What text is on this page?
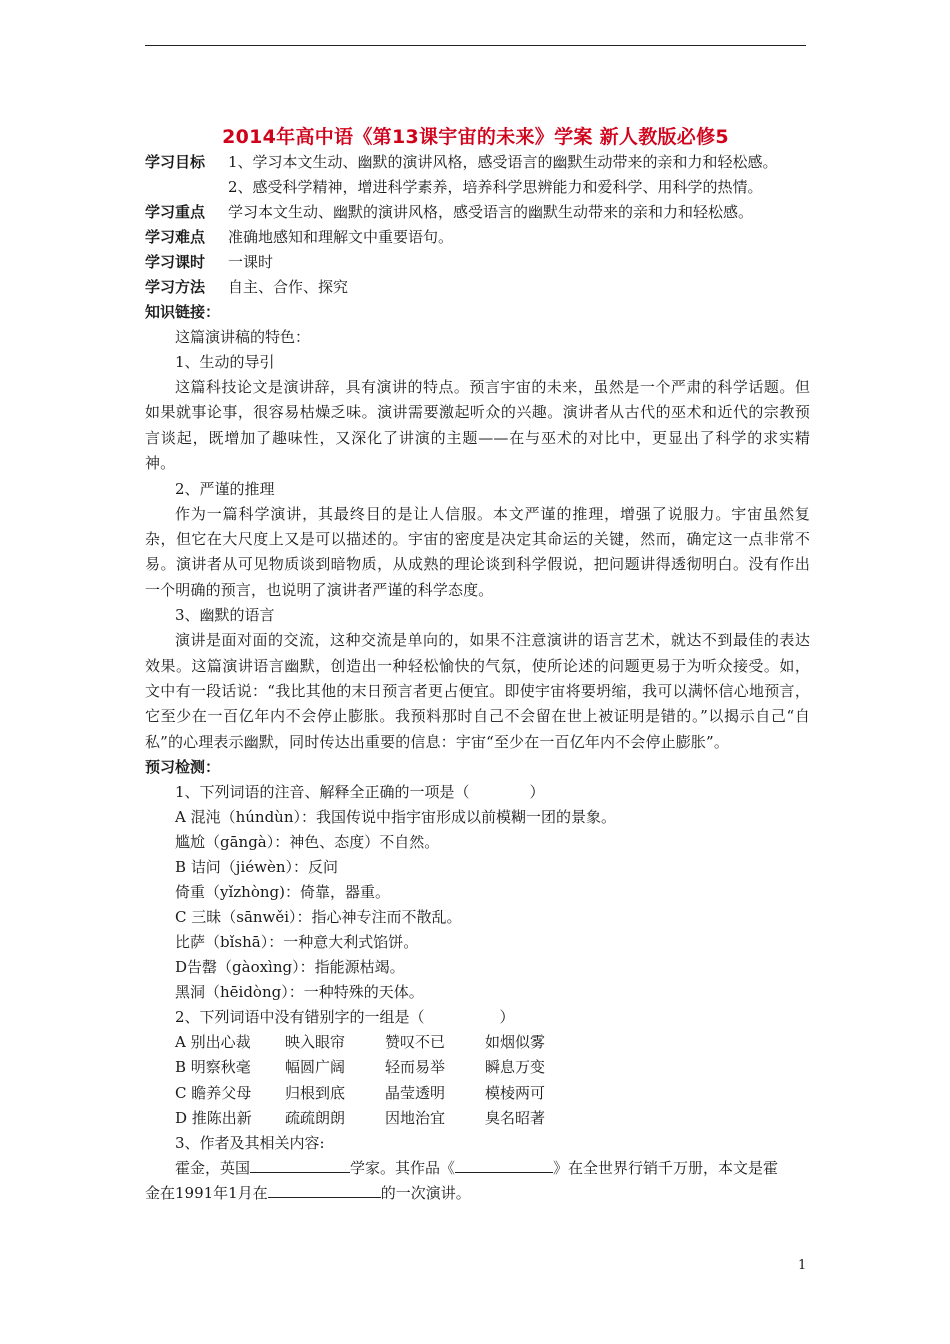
2014年高中语《第13课宇宙的未来》学案 新人教版必修5
学习目标	1、学习本文生动、幽默的演讲风格，感受语言的幽默生动带来的亲和力和轻松感。
2、感受科学精神，增进科学素养，培养科学思辨能力和爱科学、用科学的热情。
学习重点	学习本文生动、幽默的演讲风格，感受语言的幽默生动带来的亲和力和轻松感。
学习难点	准确地感知和理解文中重要语句。
学习课时	一课时
学习方法	自主、合作、探究
知识链接：
这篇演讲稿的特色：
1、生动的导引
这篇科技论文是演讲辞，具有演讲的特点。预言宇宙的未来，虽然是一个严肃的科学话题。但如果就事论事，很容易枯燥乏味。演讲需要激起听众的兴趣。演讲者从古代的巫术和近代的宗教预言谈起，既增加了趣味性，又深化了讲演的主题——在与巫术的对比中，更显出了科学的求实精神。
2、严谨的推理
作为一篇科学演讲，其最终目的是让人信服。本文严谨的推理，增强了说服力。宇宙虽然复杂，但它在大尺度上又是可以描述的。宇宙的密度是决定其命运的关键，然而，确定这一点非常不易。演讲者从可见物质谈到暗物质，从成熟的理论谈到科学假说，把问题讲得透彻明白。没有作出一个明确的预言，也说明了演讲者严谨的科学态度。
3、幽默的语言
演讲是面对面的交流，这种交流是单向的，如果不注意演讲的语言艺术，就达不到最佳的表达效果。这篇演讲语言幽默，创造出一种轻松愉快的气氛，使所论述的问题更易于为听众接受。如，文中有一段话说：“我比其他的末日预言者更占便宜。即使宇宙将要坍缩，我可以满怀信心地预言，它至少在一百亿年内不会停止膨胀。我预料那时自己不会留在世上被证明是错的。”以揭示自己“自私”的心理表示幽默，同时传达出重要的信息：宇宙“至少在一百亿年内不会停止膨胀”。
预习检测：
1、下列词语的注音、解释全正确的一项是（　　　　）
A 混沌（húndùn）：我国传说中指宇宙形成以前模糊一团的景象。
尴尬（gāngà）：神色、态度）不自然。
B 诘问（jiéwèn）：反问
倚重（yǐzhòng)：倚靠，器重。
C 三昧（sānwěi）：指心神专注而不散乱。
比萨（bǐshā）：一种意大利式馅饼。
D告罄（gàoxìng）：指能源枯竭。
黑洞（hēidòng）：一种特殊的天体。
2、下列词语中没有错别字的一组是（　　　　　）
A 别出心裁	映入眼帘	赞叹不已	如烟似雾
B 明察秋毫	幅圆广阔	轻而易举	瞬息万变
C 瞻养父母	归根到底	晶莹透明	模棱两可
D 推陈出新	疏疏朗朗	因地治宜	臭名昭著
3、作者及其相关内容:
霍金，英国	学家。其作品《	》在全世界行销千万册，本文是霍
金在1991年1月在	的一次演讲。
1
